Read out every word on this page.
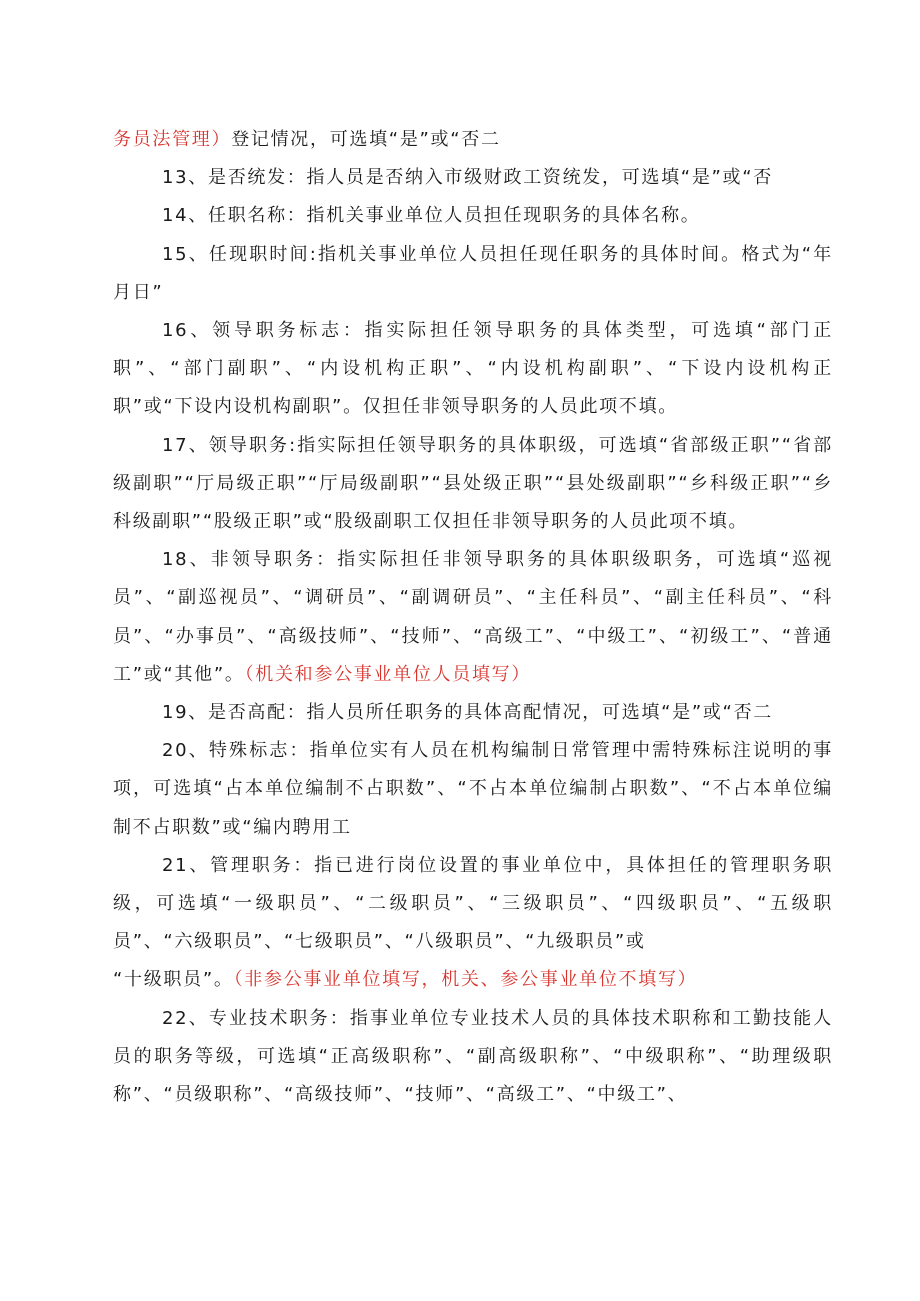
务员法管理）登记情况，可选填“是”或“否二

13、是否统发：指人员是否纳入市级财政工资统发，可选填“是”或“否

14、任职名称：指机关事业单位人员担任现职务的具体名称。

15、任现职时间:指机关事业单位人员担任现任职务的具体时间。格式为“年月日”

16、领导职务标志：指实际担任领导职务的具体类型，可选填“部门正职”、“部门副职”、“内设机构正职”、“内设机构副职”、“下设内设机构正职”或“下设内设机构副职”。仅担任非领导职务的人员此项不填。

17、领导职务:指实际担任领导职务的具体职级，可选填“省部级正职”“省部级副职”“厅局级正职”“厅局级副职”“县处级正职”“县处级副职”“乡科级正职”“乡科级副职”“股级正职”或“股级副职工仅担任非领导职务的人员此项不填。

18、非领导职务：指实际担任非领导职务的具体职级职务，可选填“巡视员”、“副巡视员”、“调研员”、“副调研员”、“主任科员”、“副主任科员”、“科员”、“办事员”、“高级技师”、“技师”、“高级工”、“中级工”、“初级工”、“普通工”或“其他”。（机关和参公事业单位人员填写）

19、是否高配：指人员所任职务的具体高配情况，可选填“是”或“否二

20、特殊标志：指单位实有人员在机构编制日常管理中需特殊标注说明的事项，可选填“占本单位编制不占职数”、“不占本单位编制占职数”、“不占本单位编制不占职数”或“编内聘用工

21、管理职务：指已进行岗位设置的事业单位中，具体担任的管理职务职级，可选填“一级职员”、“二级职员”、“三级职员”、“四级职员”、“五级职员”、“六级职员”、“七级职员”、“八级职员”、“九级职员”或

“十级职员”。（非参公事业单位填写，机关、参公事业单位不填写）

22、专业技术职务：指事业单位专业技术人员的具体技术职称和工勤技能人员的职务等级，可选填“正高级职称”、“副高级职称”、“中级职称”、“助理级职称”、“员级职称”、“高级技师”、“技师”、“高级工”、“中级工”、
